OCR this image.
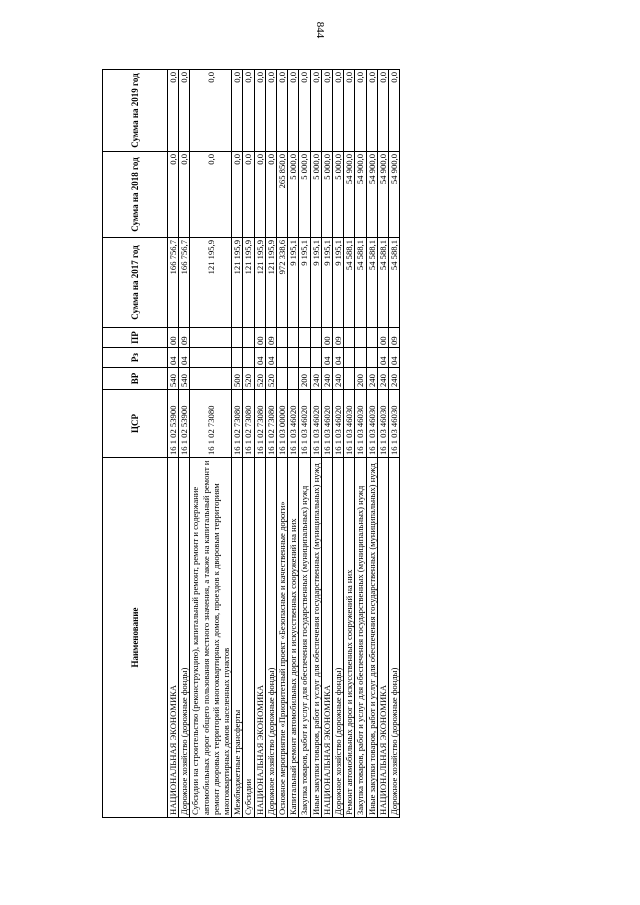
844
Наименование	ЦСР	ВР	Рз	ПР	Сумма на 2017 год	Сумма на 2018 год	Сумма на 2019 год
НАЦИОНАЛЬНАЯ ЭКОНОМИКА	16 1 02 53900	540	04	00	166 756,7	0,0	0,0
Дорожное хозяйство (дорожные фонды)	16 1 02 53900	540	04	09	166 756,7	0,0	0,0
Субсидии на строительство (реконструкцию), капитальный ремонт, ремонт и содержание автомобильных дорог общего пользования местного значения, а также на капитальный ремонт и ремонт дворовых территорий многоквартирных домов, проездов к дворовым территориям многоквартирных домов населенных пунктов	16 1 02 73080				121 195,9	0,0	0,0
Межбюджетные трансферты	16 1 02 73080	500			121 195,9	0,0	0,0
Субсидии	16 1 02 73080	520			121 195,9	0,0	0,0
НАЦИОНАЛЬНАЯ ЭКОНОМИКА	16 1 02 73080	520	04	00	121 195,9	0,0	0,0
Дорожное хозяйство (дорожные фонды)	16 1 02 73080	520	04	09	121 195,9	0,0	0,0
Основное мероприятие «Приоритетный проект «Безопасные и качественные дороги»	16 1 03 00000				972 338,6	265 850,0	0,0
Капитальный ремонт автомобильных дорог и искусственных сооружений на них	16 1 03 46020				9 195,1	5 000,0	0,0
Закупка товаров, работ и услуг для обеспечения государственных (муниципальных) нужд	16 1 03 46020	200			9 195,1	5 000,0	0,0
Иные закупки товаров, работ и услуг для обеспечения государственных (муниципальных) нужд	16 1 03 46020	240			9 195,1	5 000,0	0,0
НАЦИОНАЛЬНАЯ ЭКОНОМИКА	16 1 03 46020	240	04	00	9 195,1	5 000,0	0,0
Дорожное хозяйство (дорожные фонды)	16 1 03 46020	240	04	09	9 195,1	5 000,0	0,0
Ремонт автомобильных дорог и искусственных сооружений на них	16 1 03 46030				54 588,1	54 900,0	0,0
Закупка товаров, работ и услуг для обеспечения государственных (муниципальных) нужд	16 1 03 46030	200			54 588,1	54 900,0	0,0
Иные закупки товаров, работ и услуг для обеспечения государственных (муниципальных) нужд	16 1 03 46030	240			54 588,1	54 900,0	0,0
НАЦИОНАЛЬНАЯ ЭКОНОМИКА	16 1 03 46030	240	04	00	54 588,1	54 900,0	0,0
Дорожное хозяйство (дорожные фонды)	16 1 03 46030	240	04	09	54 588,1	54 900,0	0,0
